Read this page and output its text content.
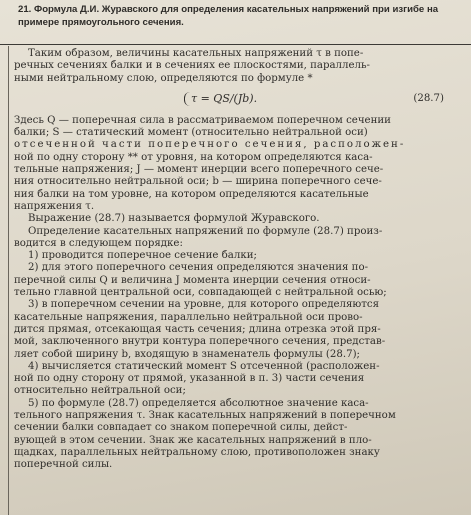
21. Формула Д.И. Журавского для определения касательных напряжений при изгибе на примере прямоугольного сечения.
Таким образом, величины касательных напряжений τ в попе-
речных сечениях балки и в сечениях ее плоскостями, параллель-
ными нейтральному слою, определяются по формуле *
τ = QS/(Jb).	(28.7)
Здесь Q — поперечная сила в рассматриваемом поперечном сечении
балки; S — статический момент (относительно нейтральной оси)
отсеченной части поперечного сечения, расположен-
ной по одну сторону ** от уровня, на котором определяются каса-
тельные напряжения; J — момент инерции всего поперечного сече-
ния относительно нейтральной оси; b — ширина поперечного сече-
ния балки на том уровне, на котором определяются касательные
напряжения τ.
Выражение (28.7) называется формулой Журавского.
Определение касательных напряжений по формуле (28.7) произ-
водится в следующем порядке:
1) проводится поперечное сечение балки;
2) для этого поперечного сечения определяются значения по-
перечной силы Q и величина J момента инерции сечения относи-
тельно главной центральной оси, совпадающей с нейтральной осью;
3) в поперечном сечении на уровне, для которого определяются
касательные напряжения, параллельно нейтральной оси прово-
дится прямая, отсекающая часть сечения; длина отрезка этой пря-
мой, заключенного внутри контура поперечного сечения, представ-
ляет собой ширину b, входящую в знаменатель формулы (28.7);
4) вычисляется статический момент S отсеченной (расположен-
ной по одну сторону от прямой, указанной в п. 3) части сечения
относительно нейтральной оси;
5) по формуле (28.7) определяется абсолютное значение каса-
тельного напряжения τ. Знак касательных напряжений в поперечном
сечении балки совпадает со знаком поперечной силы, дейст-
вующей в этом сечении. Знак же касательных напряжений в пло-
щадках, параллельных нейтральному слою, противоположен знаку
поперечной силы.
